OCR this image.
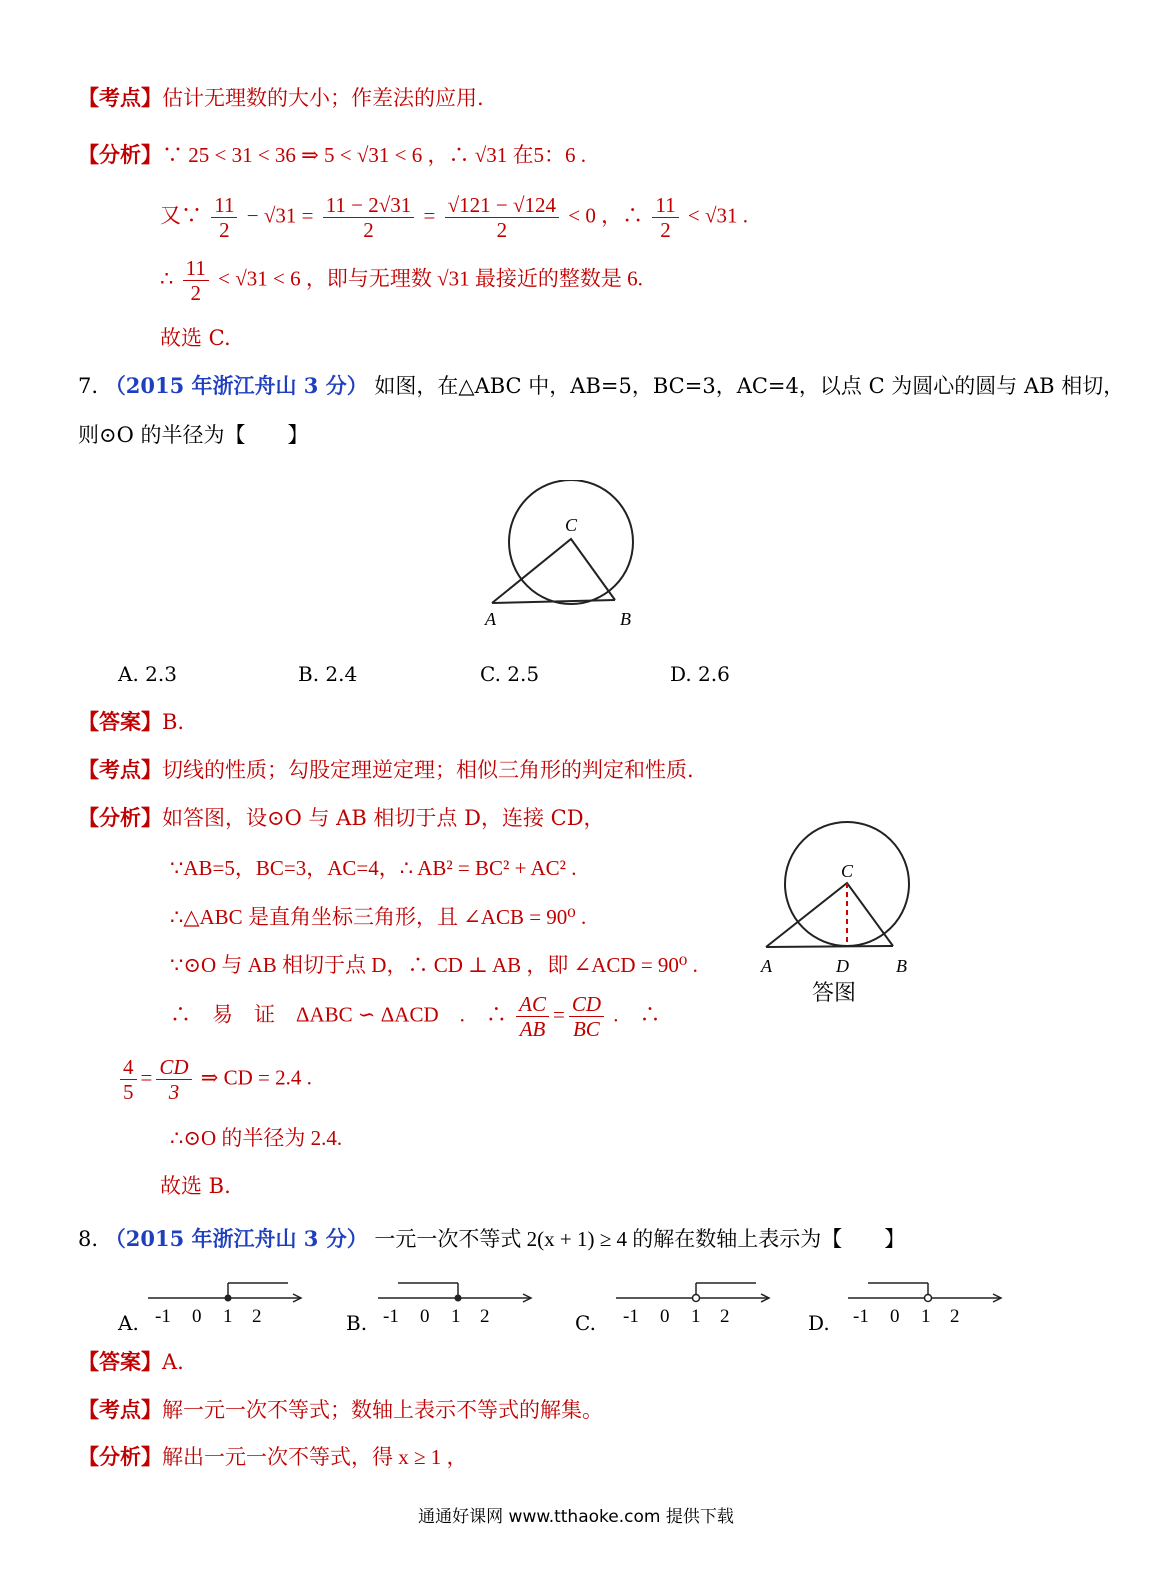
【考点】估计无理数的大小；作差法的应用.
【分析】∵ 25 < 31 < 36 ⇒ 5 < √31 < 6 ，∴ √31 在5：6 .
又∵ $\frac{11}{2} - √31 = \frac{11 - 2√31}{2} = \frac{√121 - √124}{2} < 0$ ，∴ $\frac{11}{2} < √31$ .
∴ $\frac{11}{2} < √31 < 6$ ，即与无理数 √31 最接近的整数是 6.
故选 C.
7. （2015 年浙江舟山 3 分） 如图，在△ABC 中，AB=5，BC=3，AC=4，以点 C 为圆心的圆与 AB 相切，
则⊙O 的半径为【　　】
C
A	B
A. 2.3	B. 2.4	C. 2.5	D. 2.6
【答案】B.
【考点】切线的性质；勾股定理逆定理；相似三角形的判定和性质.
【分析】如答图，设⊙O 与 AB 相切于点 D，连接 CD，
∵AB=5，BC=3，AC=4，∴ AB² = BC² + AC² .
∴△ABC 是直角坐标三角形，且 ∠ACB = 90⁰ .
∵⊙O 与 AB 相切于点 D，∴ CD ⊥ AB ，即 ∠ACD = 90⁰ .
∴　易　证　ΔABC ∽ ΔACD　.　∴ $\frac{AC}{AB} = \frac{CD}{BC}$ .　∴
$\frac{4}{5} = \frac{CD}{3}$ ⇒ CD = 2.4 .
∴⊙O 的半径为 2.4.
故选 B.
C
A	D	B
答图
8. （2015 年浙江舟山 3 分） 一元一次不等式 2(x + 1) ≥ 4 的解在数轴上表示为【　　】
A. -1 0 1 2	B. -1 0 1 2	C. -1 0 1 2	D. -1 0 1 2
【答案】A.
【考点】解一元一次不等式；数轴上表示不等式的解集。
【分析】解出一元一次不等式，得 x ≥ 1 ，
通通好课网 www.tthaoke.com 提供下载
